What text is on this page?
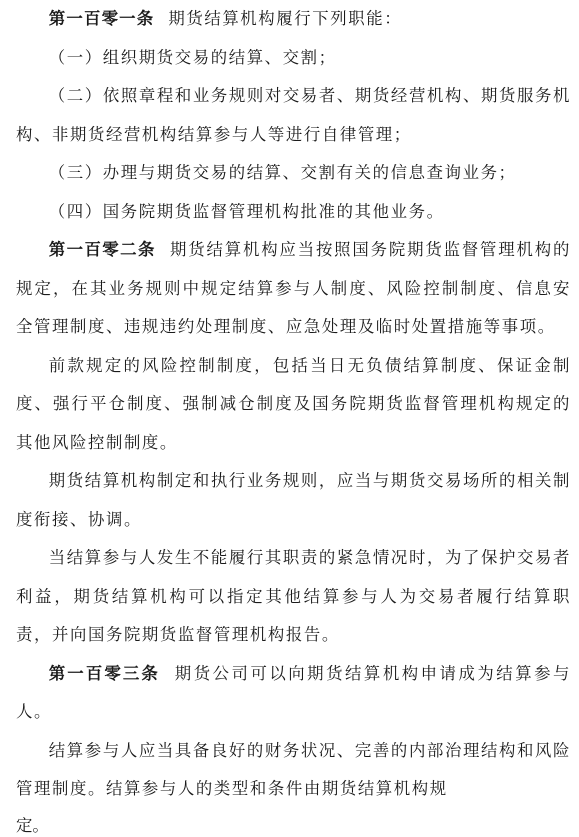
第一百零一条 期货结算机构履行下列职能：

（一）组织期货交易的结算、交割；

（二）依照章程和业务规则对交易者、期货经营机构、期货服务机构、非期货经营机构结算参与人等进行自律管理；

（三）办理与期货交易的结算、交割有关的信息查询业务；

（四）国务院期货监督管理机构批准的其他业务。

第一百零二条 期货结算机构应当按照国务院期货监督管理机构的规定，在其业务规则中规定结算参与人制度、风险控制制度、信息安全管理制度、违规违约处理制度、应急处理及临时处置措施等事项。

前款规定的风险控制制度，包括当日无负债结算制度、保证金制度、强行平仓制度、强制减仓制度及国务院期货监督管理机构规定的其他风险控制制度。

期货结算机构制定和执行业务规则，应当与期货交易场所的相关制度衔接、协调。

当结算参与人发生不能履行其职责的紧急情况时，为了保护交易者利益，期货结算机构可以指定其他结算参与人为交易者履行结算职责，并向国务院期货监督管理机构报告。

第一百零三条 期货公司可以向期货结算机构申请成为结算参与人。

结算参与人应当具备良好的财务状况、完善的内部治理结构和风险管理制度。结算参与人的类型和条件由期货结算机构规

定。
